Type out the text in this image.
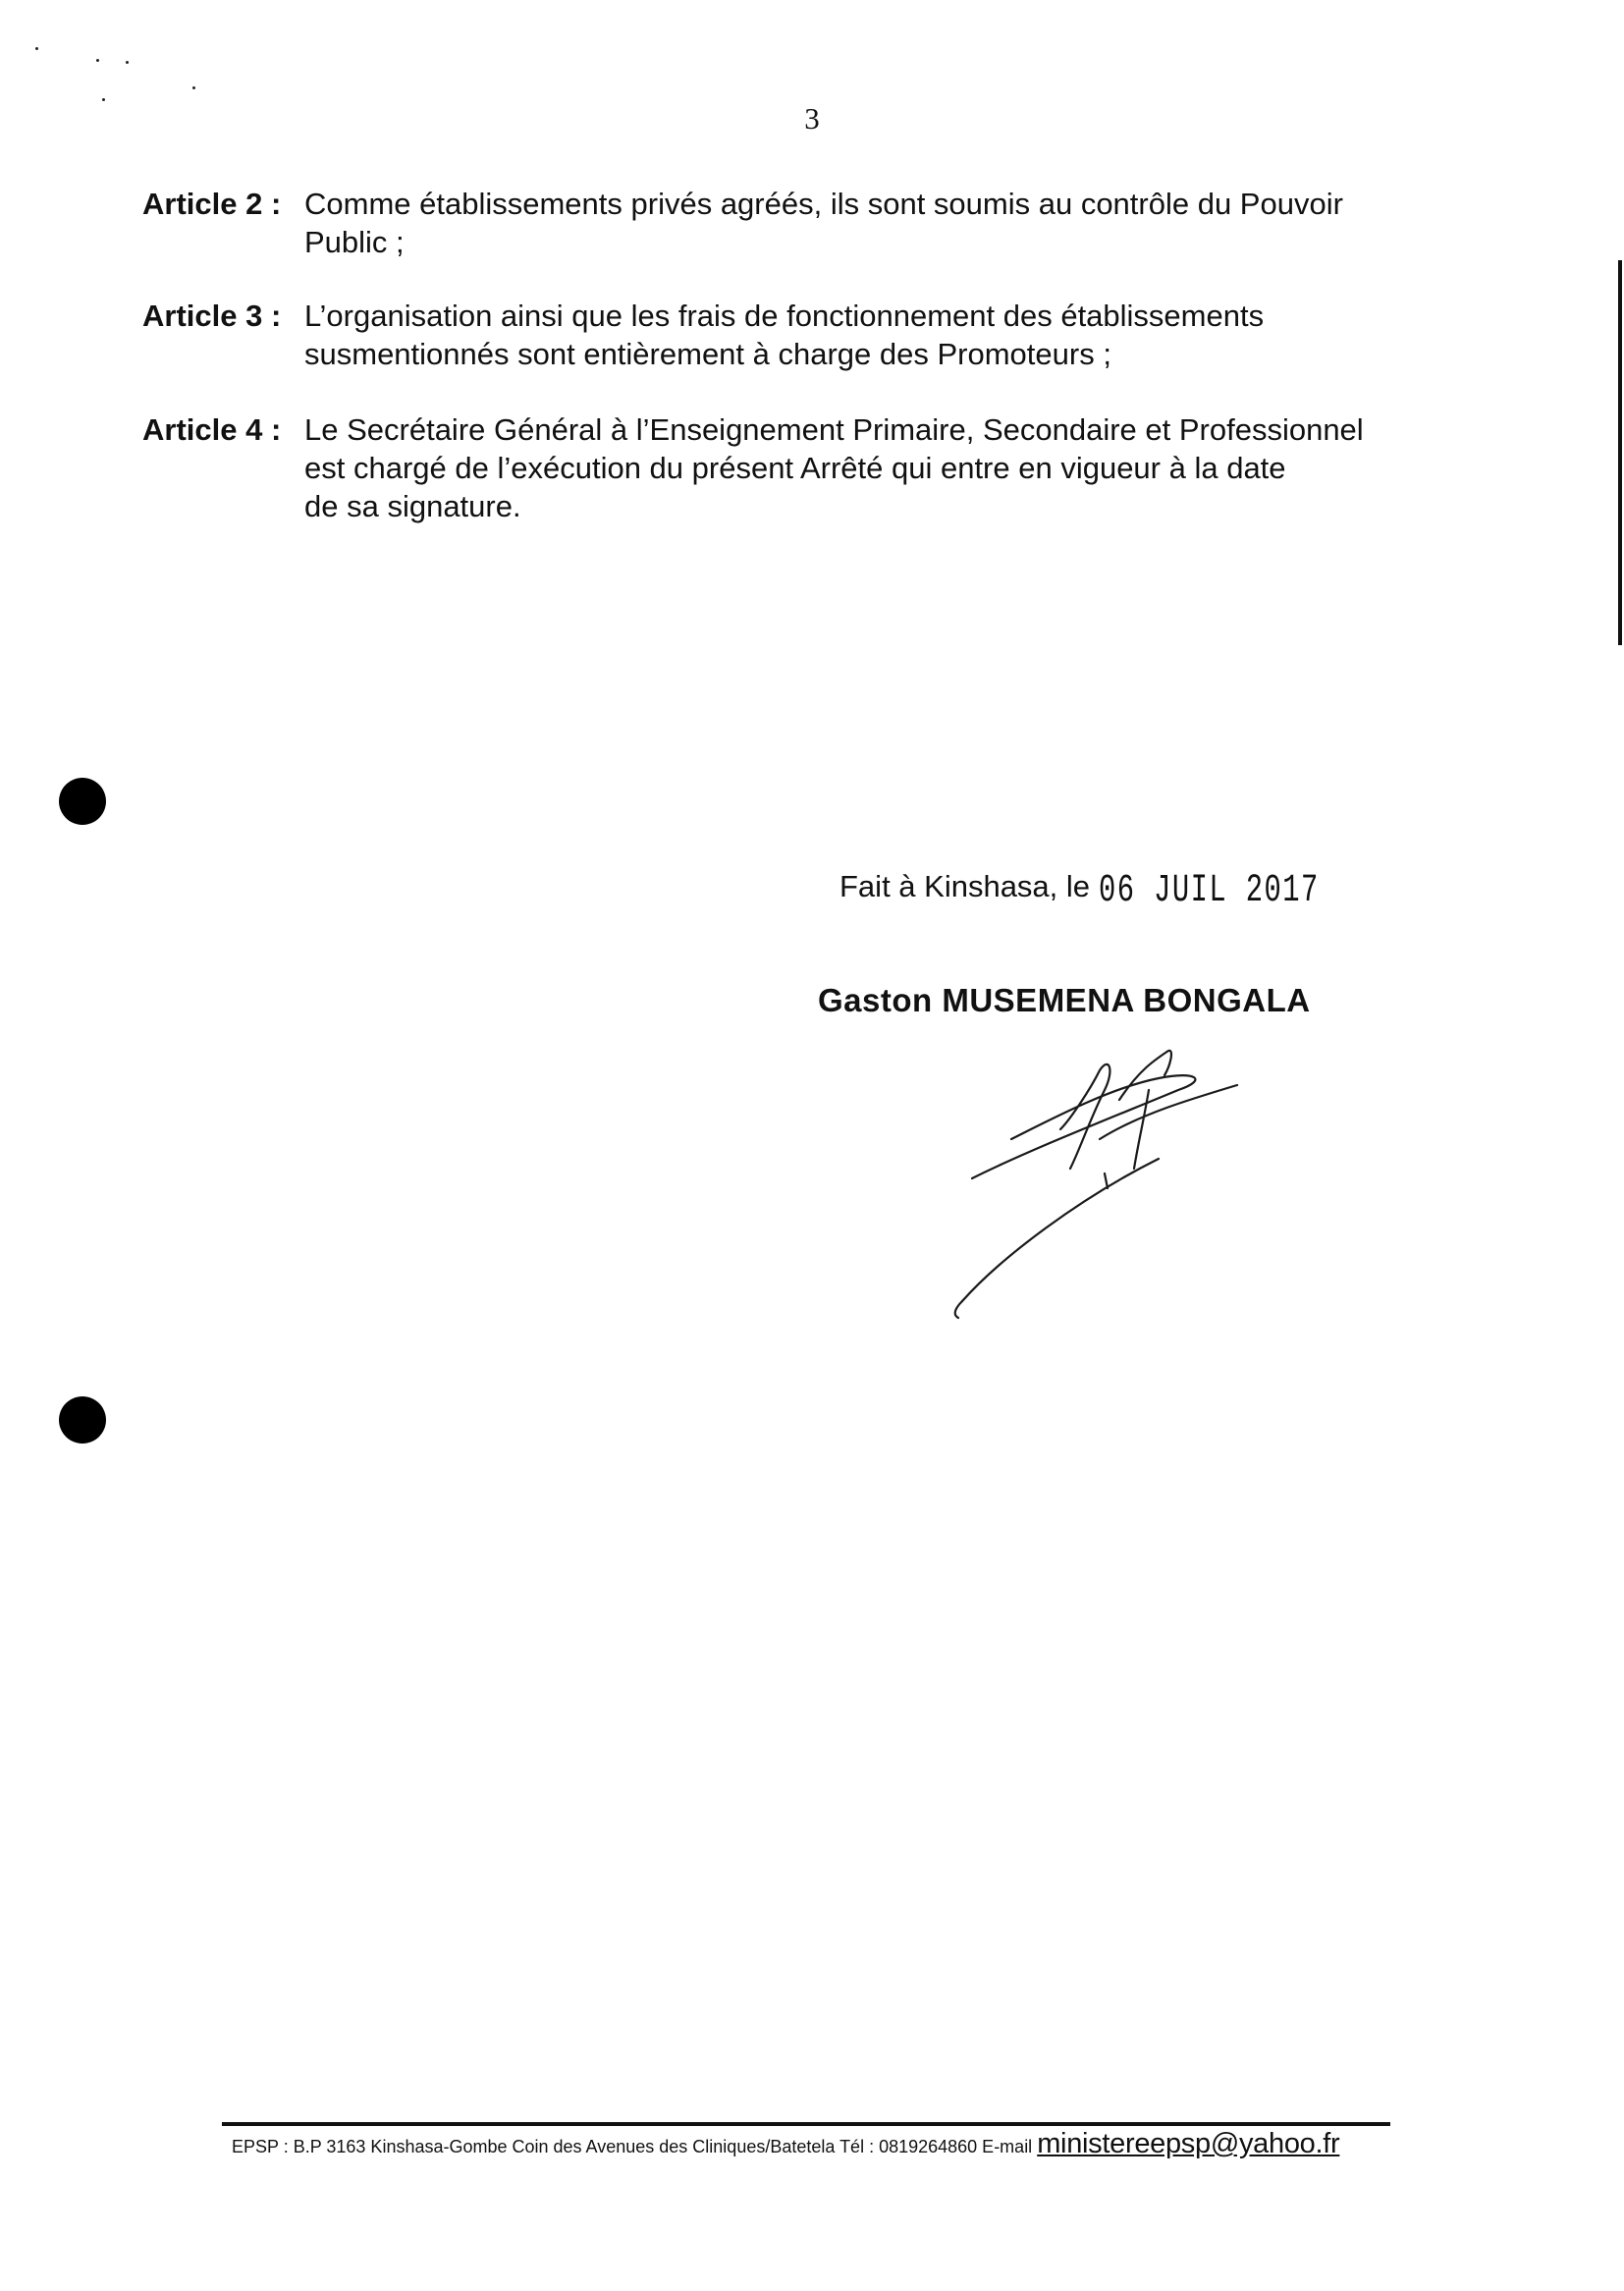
3
Article 2 : Comme établissements privés agréés, ils sont soumis au contrôle du Pouvoir
Public ;
Article 3 : L’organisation ainsi que les frais de fonctionnement des établissements
susmentionnés sont entièrement à charge des Promoteurs ;
Article 4 : Le Secrétaire Général à l’Enseignement Primaire, Secondaire et Professionnel
est chargé de l’exécution du présent Arrêté qui entre en vigueur à la date
de sa signature.
Fait à Kinshasa, le 06 JUIL 2017
Gaston MUSEMENA BONGALA
EPSP : B.P 3163 Kinshasa-Gombe Coin des Avenues des Cliniques/Batetela Tél : 0819264860 E-mail ministereepsp@yahoo.fr
